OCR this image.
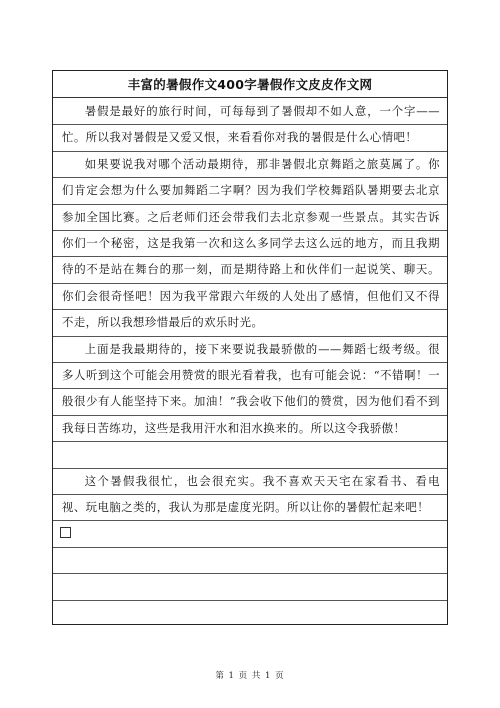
丰富的暑假作文400字暑假作文皮皮作文网
暑假是最好的旅行时间，可每每到了暑假却不如人意，一个字——忙。所以我对暑假是又爱又恨，来看看你对我的暑假是什么心情吧！
如果要说我对哪个活动最期待，那非暑假北京舞蹈之旅莫属了。你们肯定会想为什么要加舞蹈二字啊？因为我们学校舞蹈队暑期要去北京参加全国比赛。之后老师们还会带我们去北京参观一些景点。其实告诉你们一个秘密，这是我第一次和这么多同学去这么远的地方，而且我期待的不是站在舞台的那一刻，而是期待路上和伙伴们一起说笑、聊天。你们会很奇怪吧！因为我平常跟六年级的人处出了感情，但他们又不得不走，所以我想珍惜最后的欢乐时光。
上面是我最期待的，接下来要说我最骄傲的——舞蹈七级考级。很多人听到这个可能会用赞赏的眼光看着我，也有可能会说：“不错啊！一般很少有人能坚持下来。加油！”我会收下他们的赞赏，因为他们看不到我每日苦练功，这些是我用汗水和泪水换来的。所以这令我骄傲！
这个暑假我很忙，也会很充实。我不喜欢天天宅在家看书、看电视、玩电脑之类的，我认为那是虚度光阴。所以让你的暑假忙起来吧！
第 1 页 共 1 页
